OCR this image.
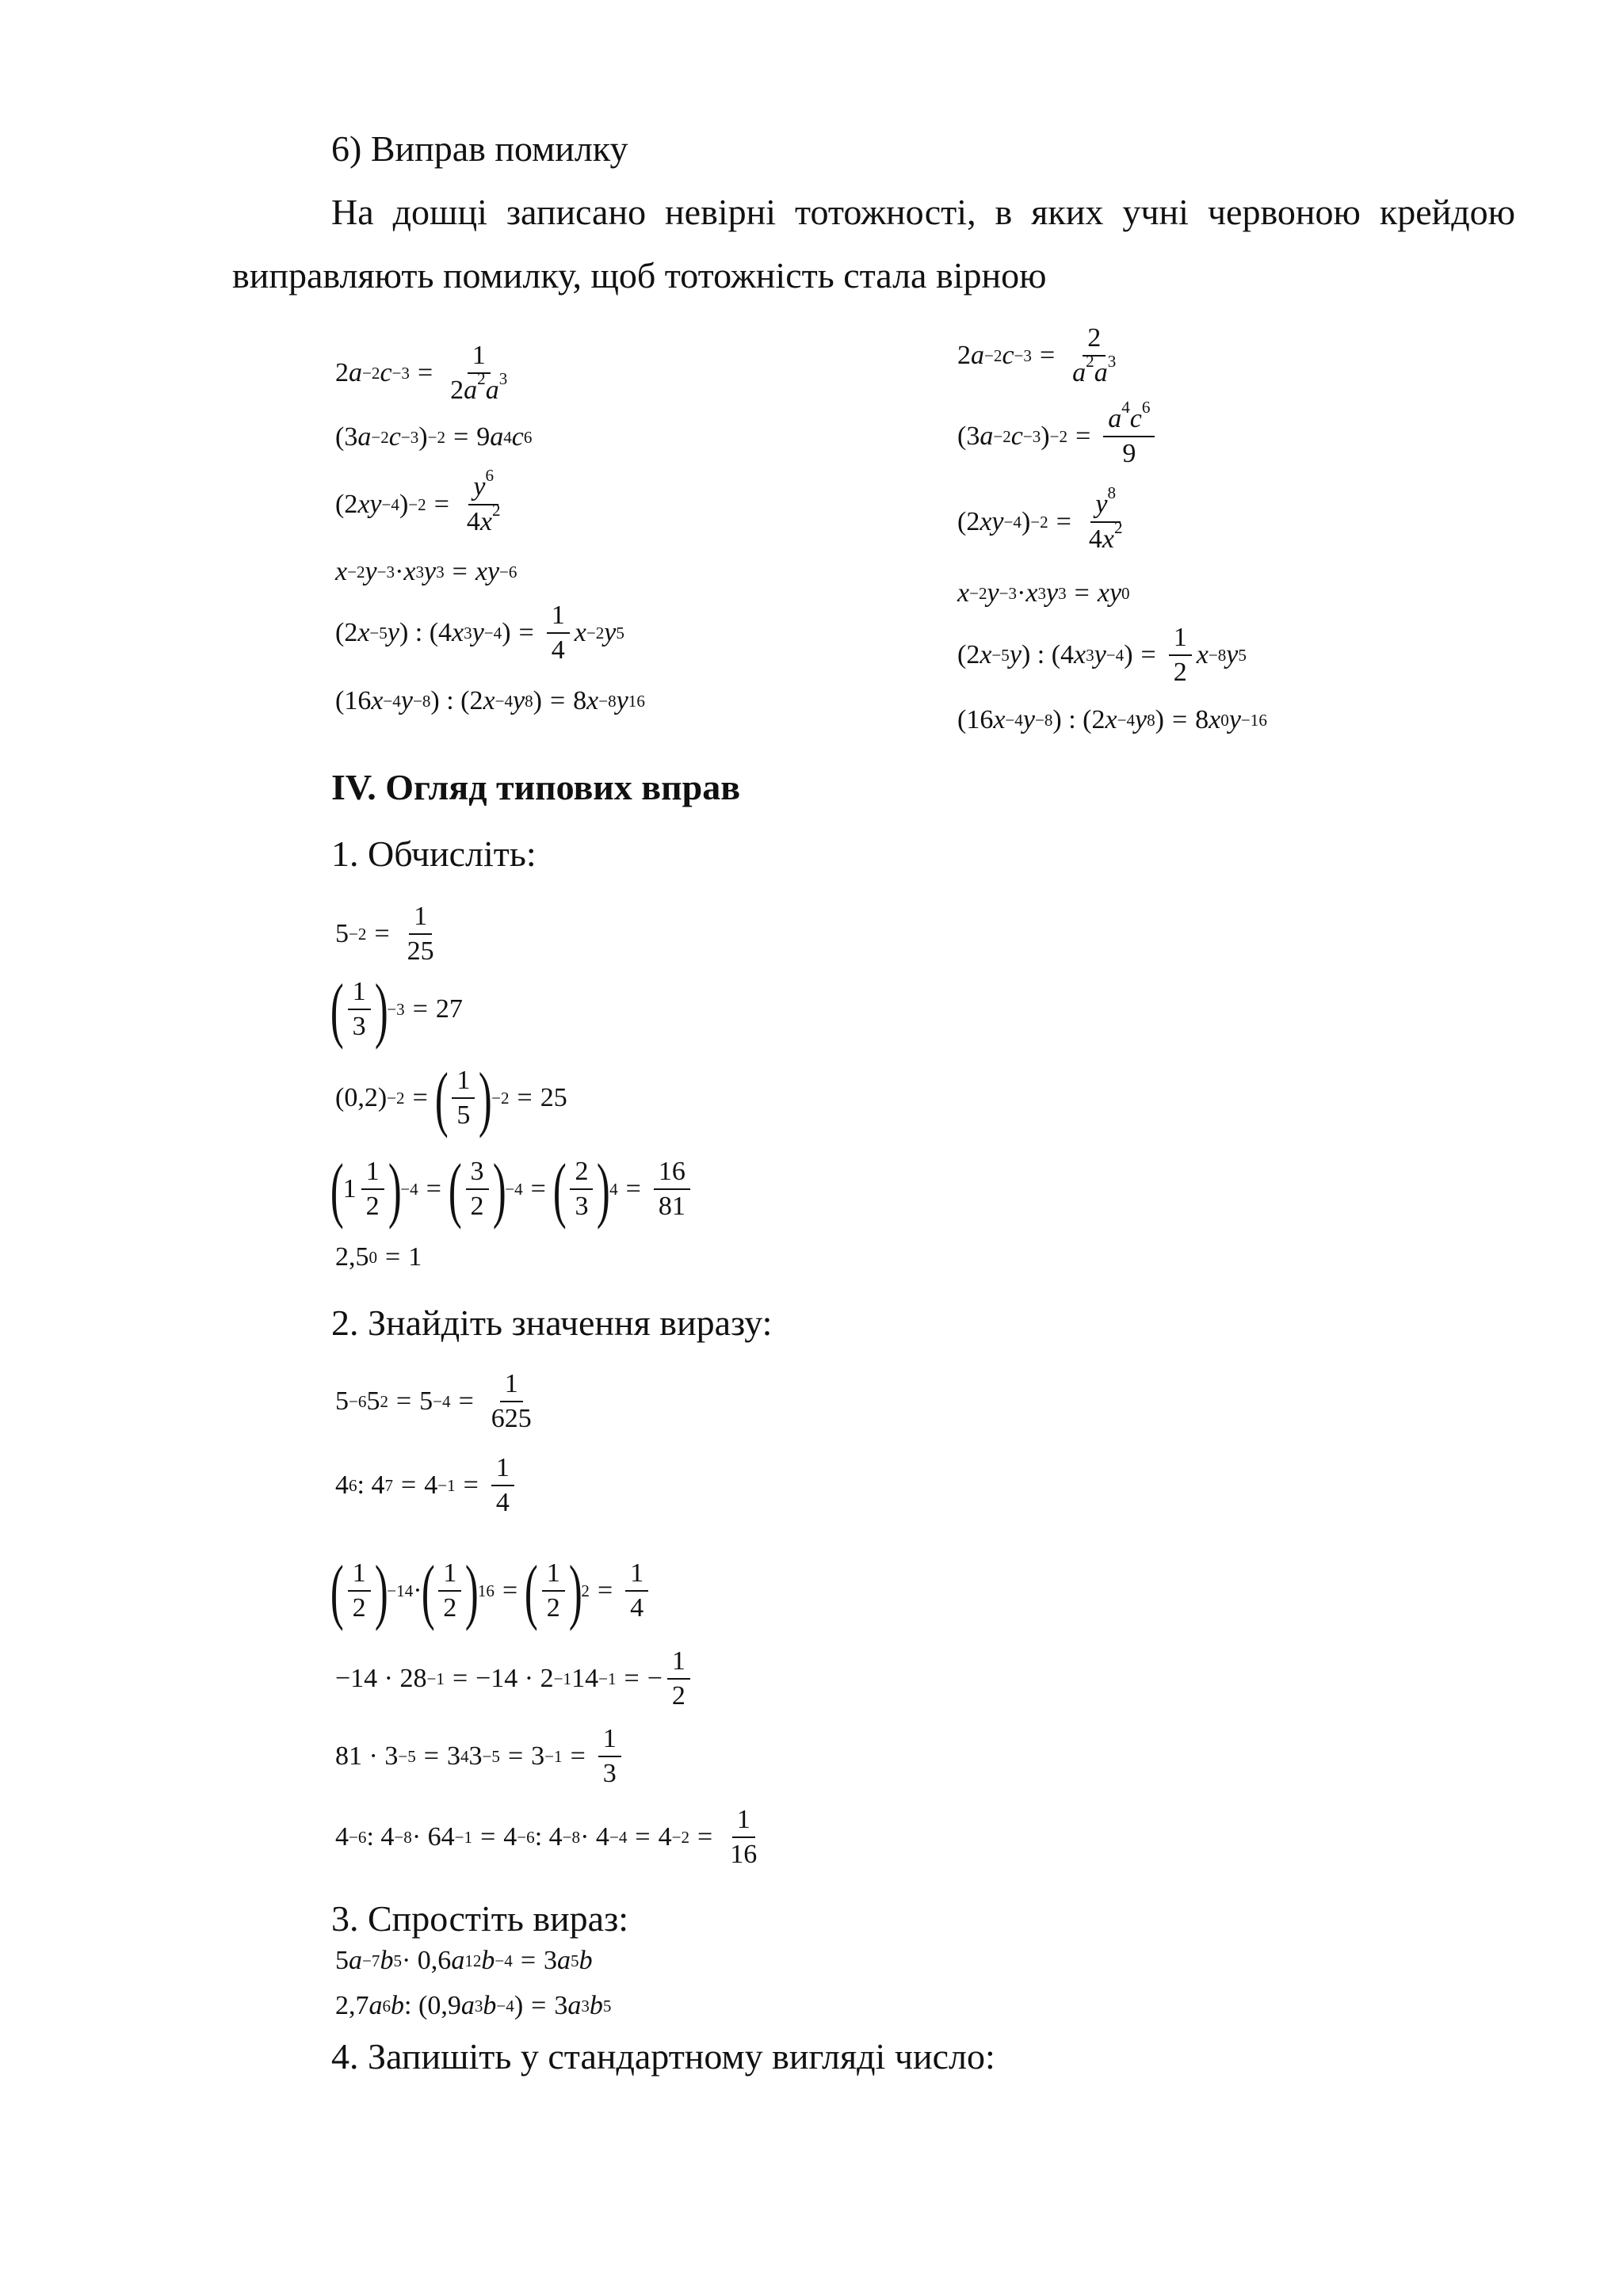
6) Виправ помилку
На дошці записано невірні тотожності, в яких учні червоною крейдою
виправляють помилку, щоб тотожність стала вірною
2 a −2 $c -3 = \frac{1}{2a^2a^3}$
(3 a −2 c −3 ) −2 = 9 a 4 c 6
(2 xy −4 ) $-2 = \frac{y^6}{4x^2}$
x −2 y −3 · x 3 y 3 = xy −6
(2 x −5 y ) : (4 x 3 y −4 ) = $\frac{1}{4}$ x −2 y 5
(16 x −4 y −8 ) : (2 x −4 y 8 ) = 8 x −8 y 16
2 a −2 $c -3 = \frac{2}{a^2a^3}$
(3 a −2 c −3 ) $-2 = \frac{a^4c^6}{9}$
(2 xy −4 ) $-2 = \frac{y^8}{4x^2}$
x −2 y −3 · x 3 y 3 = xy 0
(2 x −5 y ) : (4 x 3 y −4 ) = $\frac{1}{2}$ x −8 y 5
(16 x −4 y −8 ) : (2 x −4 y 8 ) = 8 x 0 y −16
IV. Огляд типових вправ
1. Обчисліть:
$5 -2 = \frac{1}{25}$
( $\frac{1}{3}$ )
−3 = 27
(0,2) −2 = ( $\frac{1}{5}$ )
−2 = 25
(
$1 \frac{1}{2}$ )
−4 = ( $\frac{3}{2}$ )
−4 = ( $\frac{2}{3}$ )
$4 = \frac{16}{81}$
2,5 0 = 1
2. Знайдіть значення виразу:
5 −6 5 $2 = 5 -4 = \frac{1}{625}$
4 6 : 4 $7 = 4 -1 = \frac{1}{4}$
( $\frac{1}{2}$ )
−14 ·
( $\frac{1}{2}$ )
16 = ( $\frac{1}{2}$ )
$2 = \frac{1}{4}$
−14 · 28 −1 = −14 · 2 −1 14 −1 = − $\frac{1}{2}$
81 · 3 −5 = 3 4 $3 -5 = 3 -1 = \frac{1}{3}$
4 −6 : 4 −8 · 64 −1 = 4 −6 : $4 -8 \cdot 4 -4 = 4 -2 = \frac{1}{16}$
3. Спростіть вираз:
5 a −7 b 5 · 0,6 a 12 b −4 = 3 a 5 b
2,7 a 6 b : (0,9 a 3 b −4 ) = 3 a 3 b 5
4. Запишіть у стандартному вигляді число:
